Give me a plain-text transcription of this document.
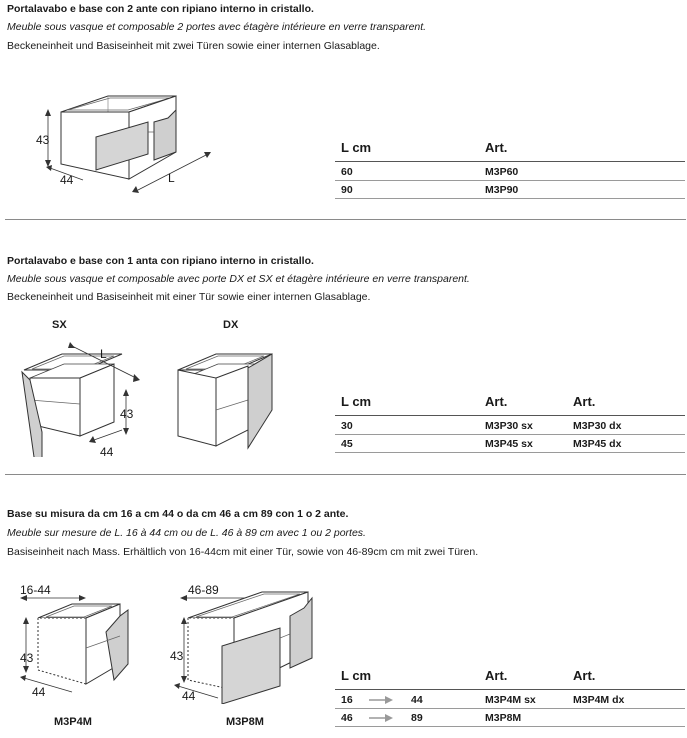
Portalavabo e base con 2 ante con ripiano interno in cristallo.
Meuble sous vasque et composable 2 portes avec étagère intérieure en verre transparent.
Beckeneinheit und Basiseinheit mit zwei Türen sowie einer internen Glasablage.
43
44	L
L cm	Art.
60	M3P60
90	M3P90
Portalavabo e base con 1 anta con ripiano interno in cristallo.
Meuble sous vasque et composable avec porte DX et SX et étagère intérieure en verre transparent.
Beckeneinheit und Basiseinheit mit einer Tür sowie einer internen Glasablage.
SX	DX
L
43
44
L cm	Art.	Art.
30	M3P30 sx	M3P30 dx
45	M3P45 sx	M3P45 dx
Base su misura da cm 16 a cm 44 o da cm 46 a cm 89 con 1 o 2 ante.
Meuble sur mesure de L. 16 à 44 cm ou de L. 46 à 89 cm avec 1 ou 2 portes.
Basiseinheit nach Mass. Erhältlich von 16-44cm mit einer Tür, sowie von 46-89cm cm mit zwei Türen.
16-44
43
44
M3P4M
46-89
43
44
M3P8M
L cm	Art.	Art.
16	44	M3P4M sx	M3P4M dx
46	89	M3P8M
